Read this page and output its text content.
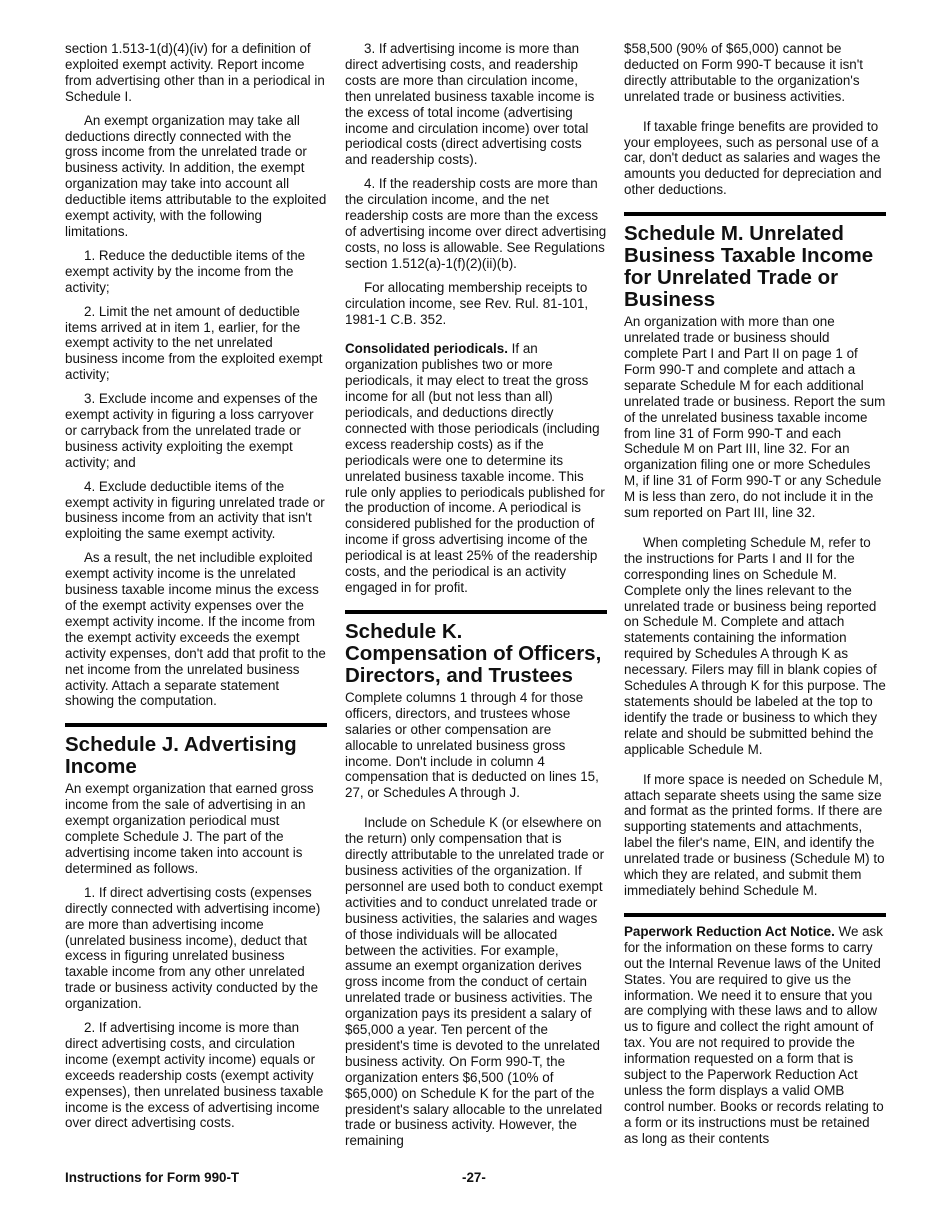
section 1.513-1(d)(4)(iv) for a definition of exploited exempt activity. Report income from advertising other than in a periodical in Schedule I.

An exempt organization may take all deductions directly connected with the gross income from the unrelated trade or business activity. In addition, the exempt organization may take into account all deductible items attributable to the exploited exempt activity, with the following limitations.

1. Reduce the deductible items of the exempt activity by the income from the activity;

2. Limit the net amount of deductible items arrived at in item 1, earlier, for the exempt activity to the net unrelated business income from the exploited exempt activity;

3. Exclude income and expenses of the exempt activity in figuring a loss carryover or carryback from the unrelated trade or business activity exploiting the exempt activity; and

4. Exclude deductible items of the exempt activity in figuring unrelated trade or business income from an activity that isn't exploiting the same exempt activity.

As a result, the net includible exploited exempt activity income is the unrelated business taxable income minus the excess of the exempt activity expenses over the exempt activity income. If the income from the exempt activity exceeds the exempt activity expenses, don't add that profit to the net income from the unrelated business activity. Attach a separate statement showing the computation.

Schedule J. Advertising Income

An exempt organization that earned gross income from the sale of advertising in an exempt organization periodical must complete Schedule J. The part of the advertising income taken into account is determined as follows.

1. If direct advertising costs (expenses directly connected with advertising income) are more than advertising income (unrelated business income), deduct that excess in figuring unrelated business taxable income from any other unrelated trade or business activity conducted by the organization.

2. If advertising income is more than direct advertising costs, and circulation income (exempt activity income) equals or exceeds readership costs (exempt activity expenses), then unrelated business taxable income is the excess of advertising income over direct advertising costs.

3. If advertising income is more than direct advertising costs, and readership costs are more than circulation income, then unrelated business taxable income is the excess of total income (advertising income and circulation income) over total periodical costs (direct advertising costs and readership costs).

4. If the readership costs are more than the circulation income, and the net readership costs are more than the excess of advertising income over direct advertising costs, no loss is allowable. See Regulations section 1.512(a)-1(f)(2)(ii)(b).

For allocating membership receipts to circulation income, see Rev. Rul. 81-101, 1981-1 C.B. 352.

Consolidated periodicals. If an organization publishes two or more periodicals, it may elect to treat the gross income for all (but not less than all) periodicals, and deductions directly connected with those periodicals (including excess readership costs) as if the periodicals were one to determine its unrelated business taxable income. This rule only applies to periodicals published for the production of income. A periodical is considered published for the production of income if gross advertising income of the periodical is at least 25% of the readership costs, and the periodical is an activity engaged in for profit.

Schedule K. Compensation of Officers, Directors, and Trustees

Complete columns 1 through 4 for those officers, directors, and trustees whose salaries or other compensation are allocable to unrelated business gross income. Don't include in column 4 compensation that is deducted on lines 15, 27, or Schedules A through J.

Include on Schedule K (or elsewhere on the return) only compensation that is directly attributable to the unrelated trade or business activities of the organization. If personnel are used both to conduct exempt activities and to conduct unrelated trade or business activities, the salaries and wages of those individuals will be allocated between the activities. For example, assume an exempt organization derives gross income from the conduct of certain unrelated trade or business activities. The organization pays its president a salary of $65,000 a year. Ten percent of the president's time is devoted to the unrelated business activity. On Form 990-T, the organization enters $6,500 (10% of $65,000) on Schedule K for the part of the president's salary allocable to the unrelated trade or business activity. However, the remaining

$58,500 (90% of $65,000) cannot be deducted on Form 990-T because it isn't directly attributable to the organization's unrelated trade or business activities.

If taxable fringe benefits are provided to your employees, such as personal use of a car, don't deduct as salaries and wages the amounts you deducted for depreciation and other deductions.

Schedule M. Unrelated Business Taxable Income for Unrelated Trade or Business

An organization with more than one unrelated trade or business should complete Part I and Part II on page 1 of Form 990-T and complete and attach a separate Schedule M for each additional unrelated trade or business. Report the sum of the unrelated business taxable income from line 31 of Form 990-T and each Schedule M on Part III, line 32. For an organization filing one or more Schedules M, if line 31 of Form 990-T or any Schedule M is less than zero, do not include it in the sum reported on Part III, line 32.

When completing Schedule M, refer to the instructions for Parts I and II for the corresponding lines on Schedule M. Complete only the lines relevant to the unrelated trade or business being reported on Schedule M. Complete and attach statements containing the information required by Schedules A through K as necessary. Filers may fill in blank copies of Schedules A through K for this purpose. The statements should be labeled at the top to identify the trade or business to which they relate and should be submitted behind the applicable Schedule M.

If more space is needed on Schedule M, attach separate sheets using the same size and format as the printed forms. If there are supporting statements and attachments, label the filer's name, EIN, and identify the unrelated trade or business (Schedule M) to which they are related, and submit them immediately behind Schedule M.

Paperwork Reduction Act Notice. We ask for the information on these forms to carry out the Internal Revenue laws of the United States. You are required to give us the information. We need it to ensure that you are complying with these laws and to allow us to figure and collect the right amount of tax. You are not required to provide the information requested on a form that is subject to the Paperwork Reduction Act unless the form displays a valid OMB control number. Books or records relating to a form or its instructions must be retained as long as their contents

Instructions for Form 990-T	-27-
